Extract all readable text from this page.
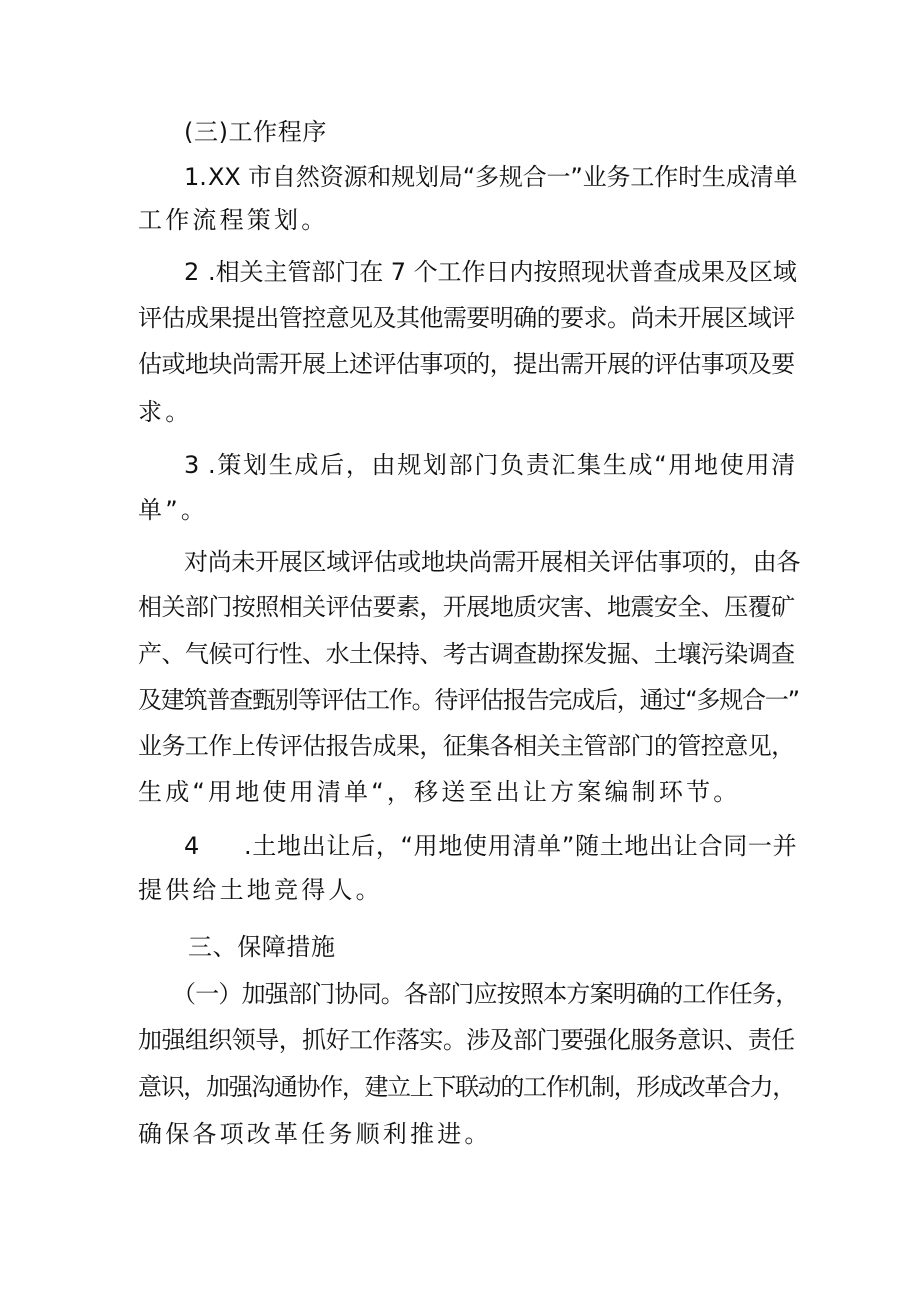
(三)工作程序
1. XX 市自然资源和规划局“多规合一”业务工作时生成清单
工作流程策划。
2 .相关主管部门在 7 个工作日内按照现状普查成果及区域
评估成果提出管控意见及其他需要明确的要求。尚未开展区域评
估或地块尚需开展上述评估事项的，提出需开展的评估事项及要
求。
3 .策划生成后，由规划部门负责汇集生成“用地使用清
单”。
对尚未开展区域评估或地块尚需开展相关评估事项的，由各
相关部门按照相关评估要素，开展地质灾害、地震安全、压覆矿
产、气候可行性、水土保持、考古调查勘探发掘、土壤污染调查
及建筑普查甄别等评估工作。待评估报告完成后，通过“多规合一”
业务工作上传评估报告成果，征集各相关主管部门的管控意见，
生成“用地使用清单“，移送至出让方案编制环节。
4 .土地出让后，“用地使用清单”随土地出让合同一并
提供给土地竞得人。
三、保障措施
（一）加强部门协同。各部门应按照本方案明确的工作任务，
加强组织领导，抓好工作落实。涉及部门要强化服务意识、责任
意识，加强沟通协作，建立上下联动的工作机制，形成改革合力，
确保各项改革任务顺利推进。
